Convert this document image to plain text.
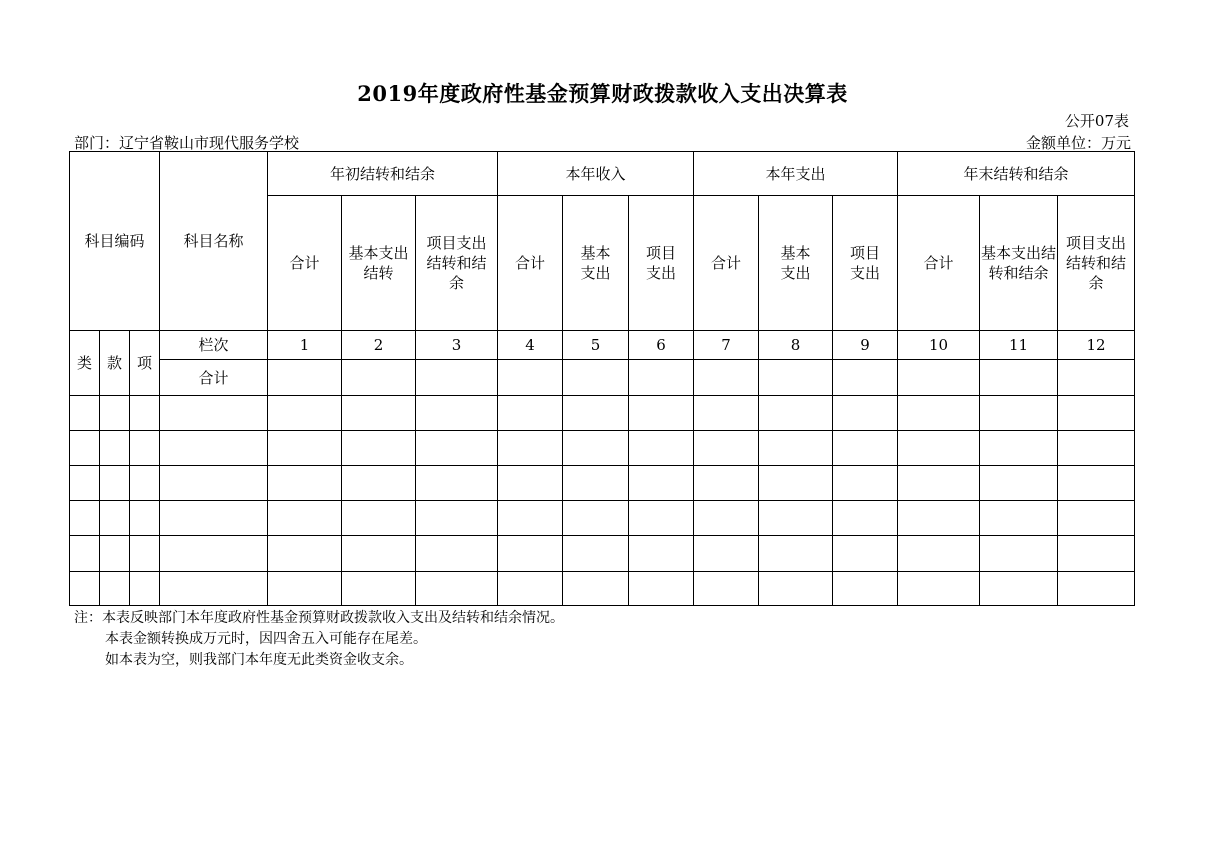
2019年度政府性基金预算财政拨款收入支出决算表
公开07表
部门：辽宁省鞍山市现代服务学校	金额单位：万元
科目编码			科目名称	年初结转和结余			本年收入			本年支出			年末结转和结余		
				合计	基本支出结转	项目支出结转和结余	合计	基本支出	项目支出	合计	基本支出	项目支出	合计	基本支出结转和结余	项目支出结转和结余
类	款	项	栏次	1	2	3	4	5	6	7	8	9	10	11	12
			合计												

注：本表反映部门本年度政府性基金预算财政拨款收入支出及结转和结余情况。
本表金额转换成万元时，因四舍五入可能存在尾差。
如本表为空，则我部门本年度无此类资金收支余。
